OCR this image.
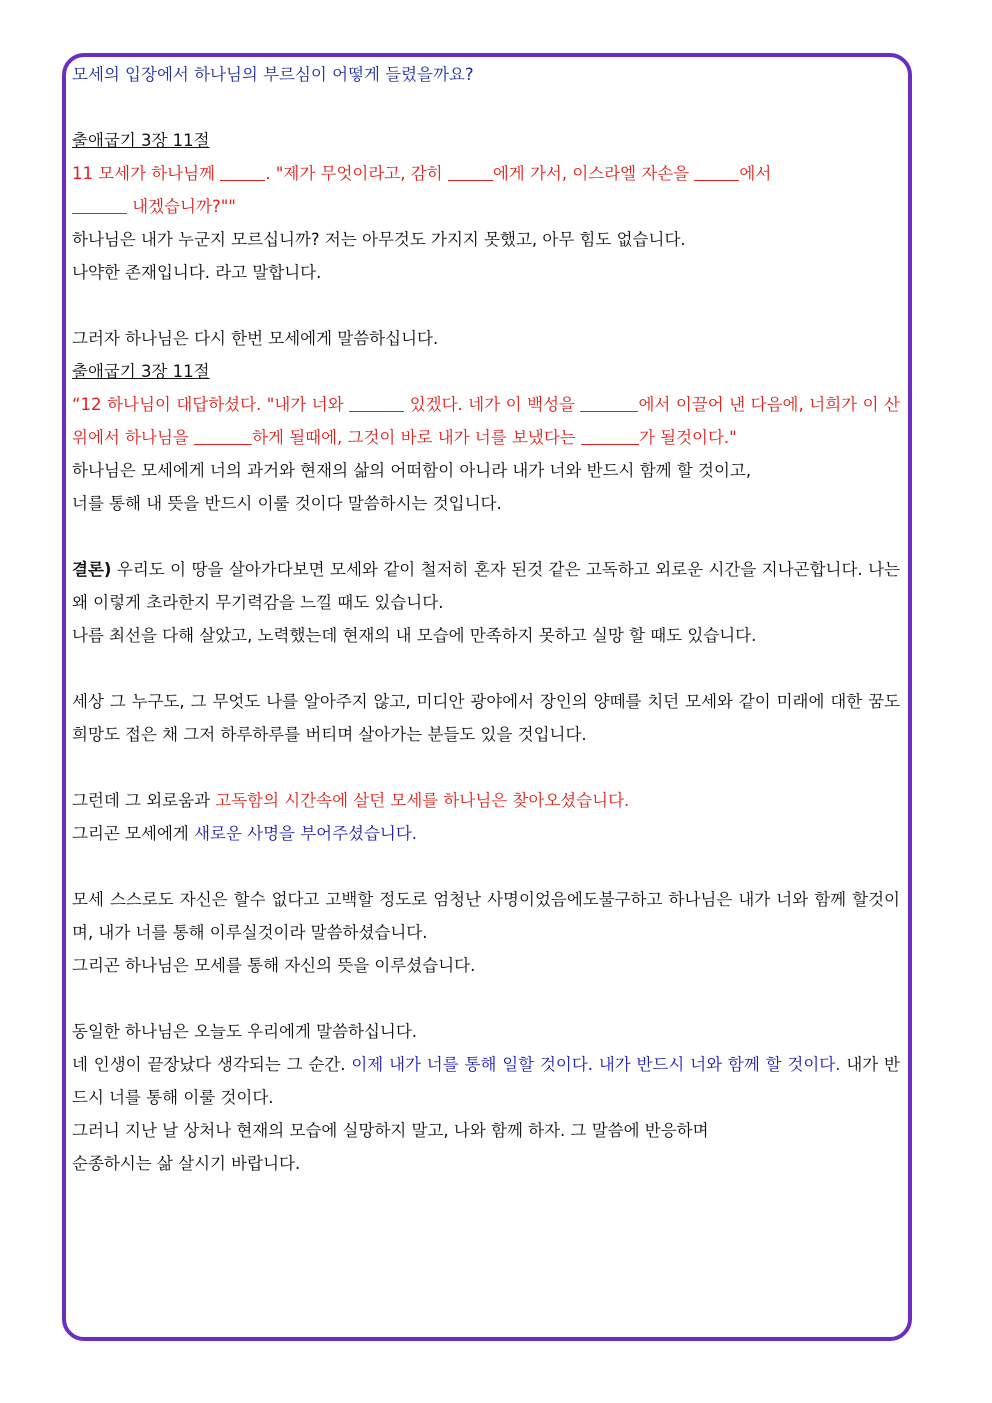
모세의 입장에서 하나님의 부르심이 어떻게 들렸을까요?
출애굽기 3장 11절
11 모세가 하나님께	. "제가 무엇이라고, 감히	에게 가서, 이스라엘 자손을	에서
내겠습니까?""
하나님은 내가 누군지 모르십니까? 저는 아무것도 가지지 못했고, 아무 힘도 없습니다.
나약한 존재입니다. 라고 말합니다.
그러자 하나님은 다시 한번 모세에게 말씀하십니다.
출애굽기 3장 11절
“12 하나님이 대답하셨다. "내가 너와	있겠다. 네가 이 백성을	에서 이끌어 낸 다음에, 너희가 이 산 위에서 하나님을	하게 될때에, 그것이 바로 내가 너를 보냈다는	가 될것이다."
하나님은 모세에게 너의 과거와 현재의 삶의 어떠함이 아니라 내가 너와 반드시 함께 할 것이고,
너를 통해 내 뜻을 반드시 이룰 것이다 말씀하시는 것입니다.
결론) 우리도 이 땅을 살아가다보면 모세와 같이 철저히 혼자 된것 같은 고독하고 외로운 시간을 지나곤합니다. 나는 왜 이렇게 초라한지 무기력감을 느낄 때도 있습니다.
나름 최선을 다해 살았고, 노력했는데 현재의 내 모습에 만족하지 못하고 실망 할 때도 있습니다.
세상 그 누구도, 그 무엇도 나를 알아주지 않고, 미디안 광야에서 장인의 양떼를 치던 모세와 같이 미래에 대한 꿈도 희망도 접은 채 그저 하루하루를 버티며 살아가는 분들도 있을 것입니다.
그런데 그 외로움과 고독함의 시간속에 살던 모세를 하나님은 찾아오셨습니다.
그리곤 모세에게 새로운 사명을 부어주셨습니다.
모세 스스로도 자신은 할수 없다고 고백할 정도로 엄청난 사명이었음에도불구하고 하나님은 내가 너와 함께 할것이며, 내가 너를 통해 이루실것이라 말씀하셨습니다.
그리곤 하나님은 모세를 통해 자신의 뜻을 이루셨습니다.
동일한 하나님은 오늘도 우리에게 말씀하십니다.
네 인생이 끝장났다 생각되는 그 순간. 이제 내가 너를 통해 일할 것이다. 내가 반드시 너와 함께 할 것이다. 내가 반드시 너를 통해 이룰 것이다.
그러니 지난 날 상처나 현재의 모습에 실망하지 말고, 나와 함께 하자. 그 말씀에 반응하며
순종하시는 삶 살시기 바랍니다.
